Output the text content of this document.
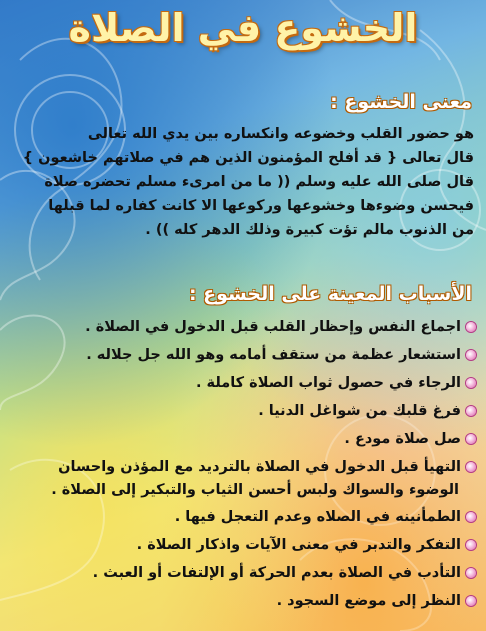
الخشوع في الصلاة
معنى الخشوع :
هو حضور القلب وخضوعه وانكساره بين يدي الله تعالى
قال تعالى { قد أفلح المؤمنون الذين هم في صلاتهم خاشعون }
قال صلى الله عليه وسلم (( ما من امرىء مسلم تحضره صلاة
فيحسن وضوءها وخشوعها وركوعها الا كانت كفاره لما قبلها
من الذنوب مالم تؤت كبيرة وذلك الدهر كله )) .
الأسباب المعينة على الخشوع :
اجماع النفس وإحظار القلب قبل الدخول في الصلاة .
استشعار عظمة من ستقف أمامه وهو الله جل جلاله .
الرجاء في حصول ثواب الصلاة كاملة .
فرغ قلبك من شواغل الدنيا .
صل صلاة مودع .
التهيأ قبل الدخول في الصلاة بالترديد مع المؤذن واحسان
الوضوء والسواك ولبس أحسن الثياب والتبكير إلى الصلاة .
الطمأنينه في الصلاه وعدم التعجل فيها .
التفكر والتدبر في معنى الآيات واذكار الصلاة .
التأدب في الصلاة بعدم الحركة أو الإلتفات أو العبث .
النظر إلى موضع السجود .
